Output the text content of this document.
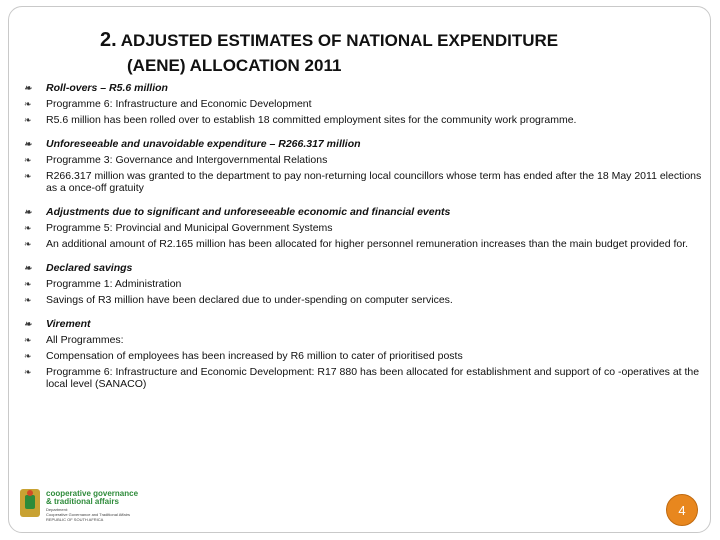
2. ADJUSTED ESTIMATES OF NATIONAL EXPENDITURE
(AENE) ALLOCATION 2011
❧ Roll-overs – R5.6 million
❧ Programme 6: Infrastructure and Economic Development
❧ R5.6 million has been rolled over to establish 18 committed employment sites for the community work programme.
❧ Unforeseeable and unavoidable expenditure – R266.317 million
❧ Programme 3: Governance and Intergovernmental Relations
❧ R266.317 million was granted to the department to pay non-returning local councillors whose term has ended after the 18 May 2011 elections as a once-off gratuity
❧ Adjustments due to significant and unforeseeable economic and financial events
❧ Programme 5: Provincial and Municipal Government Systems
❧ An additional amount of R2.165 million has been allocated for higher personnel remuneration increases than the main budget provided for.
❧ Declared savings
❧ Programme 1: Administration
❧ Savings of R3 million have been declared due to under-spending on computer services.
❧ Virement
❧ All Programmes:
❧ Compensation of employees has been increased by R6 million to cater of prioritised posts
❧ Programme 6: Infrastructure and Economic Development: R17 880 has been allocated for establishment and support of co -operatives at the local level (SANACO)
cooperative governance
& traditional affairs
Department:
Cooperative Governance and Traditional Affairs
REPUBLIC OF SOUTH AFRICA
4
